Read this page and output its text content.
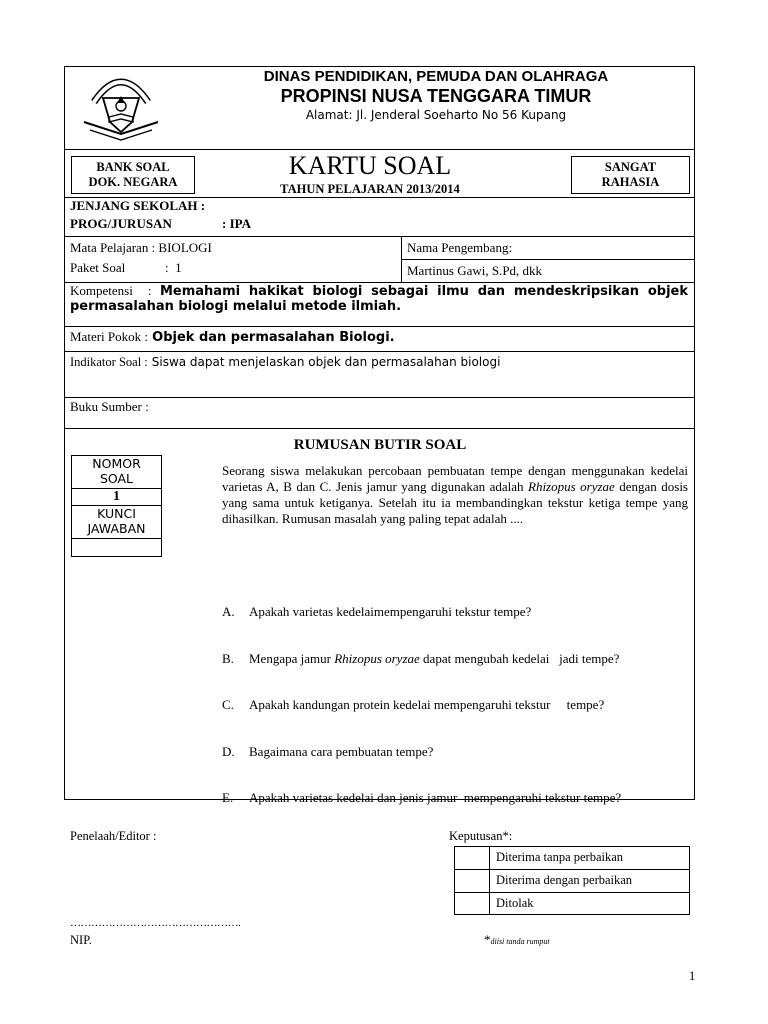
DINAS PENDIDIKAN, PEMUDA DAN OLAHRAGA
PROPINSI NUSA TENGGARA TIMUR
Alamat: Jl. Jenderal Soeharto No 56 Kupang
BANK SOAL
DOK. NEGARA
KARTU SOAL
TAHUN PELAJARAN 2013/2014
SANGAT
RAHASIA
JENJANG SEKOLAH :
PROG/JURUSAN	: IPA
Mata Pelajaran : BIOLOGI
Paket Soal	:  1
Nama Pengembang:
Martinus Gawi, S.Pd, dkk
Kompetensi  : Memahami hakikat biologi sebagai ilmu dan mendeskripsikan objek permasalahan biologi melalui metode ilmiah.
Materi Pokok : Objek dan permasalahan Biologi.
Indikator Soal : Siswa dapat menjelaskan objek dan permasalahan biologi
Buku Sumber :
RUMUSAN BUTIR SOAL
NOMOR
SOAL
1
KUNCI
JAWABAN
Seorang siswa melakukan percobaan pembuatan tempe dengan menggunakan kedelai varietas A, B dan C. Jenis jamur yang digunakan adalah Rhizopus oryzae dengan dosis yang sama untuk ketiganya. Setelah itu ia membandingkan tekstur ketiga tempe yang dihasilkan. Rumusan masalah yang paling tepat adalah ....

A.	Apakah varietas kedelaimempengaruhi tekstur tempe?

B.	Mengapa jamur Rhizopus oryzae dapat mengubah kedelai   jadi tempe?

C.	Apakah kandungan protein kedelai mempengaruhi tekstur     tempe?

D.	Bagaimana cara pembuatan tempe?

E.	Apakah varietas kedelai dan jenis jamur  mempengaruhi tekstur tempe?

Penelaah/Editor :
………………………………………….
NIP.
Keputusan*:
Diterima tanpa perbaikan
Diterima dengan perbaikan
Ditolak
*diisi tanda rumput
1
